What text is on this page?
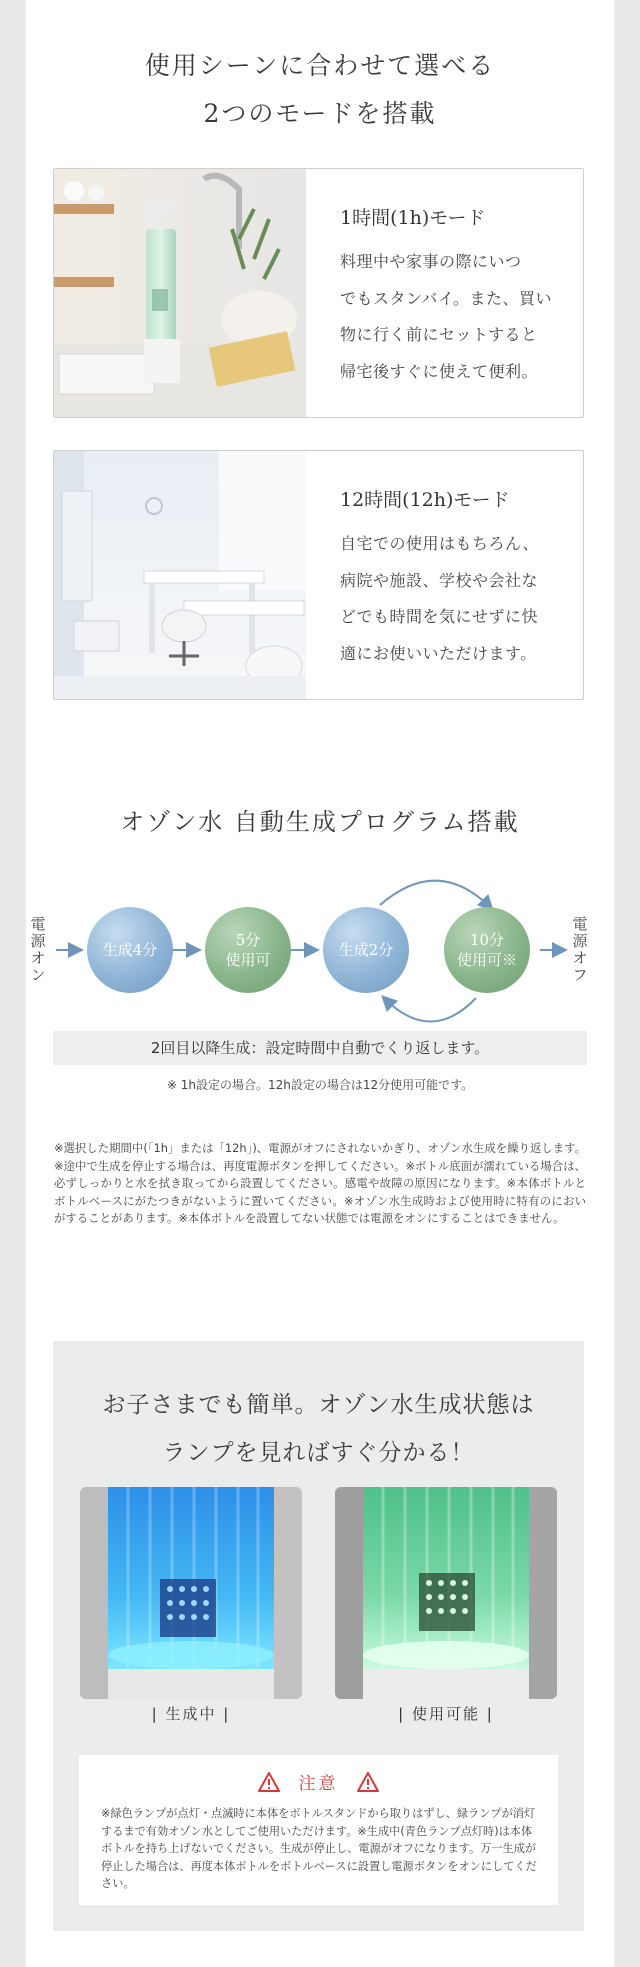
使用シーンに合わせて選べる
2つのモードを搭載
1時間(1h)モード
料理中や家事の際にいつ
でもスタンバイ。また、買い
物に行く前にセットすると
帰宅後すぐに使えて便利。
12時間(12h)モード
自宅での使用はもちろん、
病院や施設、学校や会社な
どでも時間を気にせずに快
適にお使いいただけます。
オゾン水 自動生成プログラム搭載
電源オン
電源オフ
生成4分
5分
使用可
生成2分
10分
使用可※
2回目以降生成：設定時間中自動でくり返します。
※ 1h設定の場合。12h設定の場合は12分使用可能です。
※選択した期間中(「1h」または「12h」)、電源がオフにされないかぎり、オゾン水生成を繰り返します。※途中で生成を停止する場合は、再度電源ボタンを押してください。※ボトル底面が濡れている場合は、必ずしっかりと水を拭き取ってから設置してください。感電や故障の原因になります。※本体ボトルとボトルベースにがたつきがないように置いてください。※オゾン水生成時および使用時に特有のにおいがすることがあります。※本体ボトルを設置してない状態では電源をオンにすることはできません。
お子さまでも簡単。オゾン水生成状態は
ランプを見ればすぐ分かる！
| 生成中 |	| 使用可能 |
注意
※緑色ランプが点灯・点滅時に本体をボトルスタンドから取りはずし、緑ランプが消灯するまで有効オゾン水としてご使用いただけます。※生成中(青色ランプ点灯時)は本体ボトルを持ち上げないでください。生成が停止し、電源がオフになります。万一生成が停止した場合は、再度本体ボトルをボトルベースに設置し電源ボタンをオンにしてください。
